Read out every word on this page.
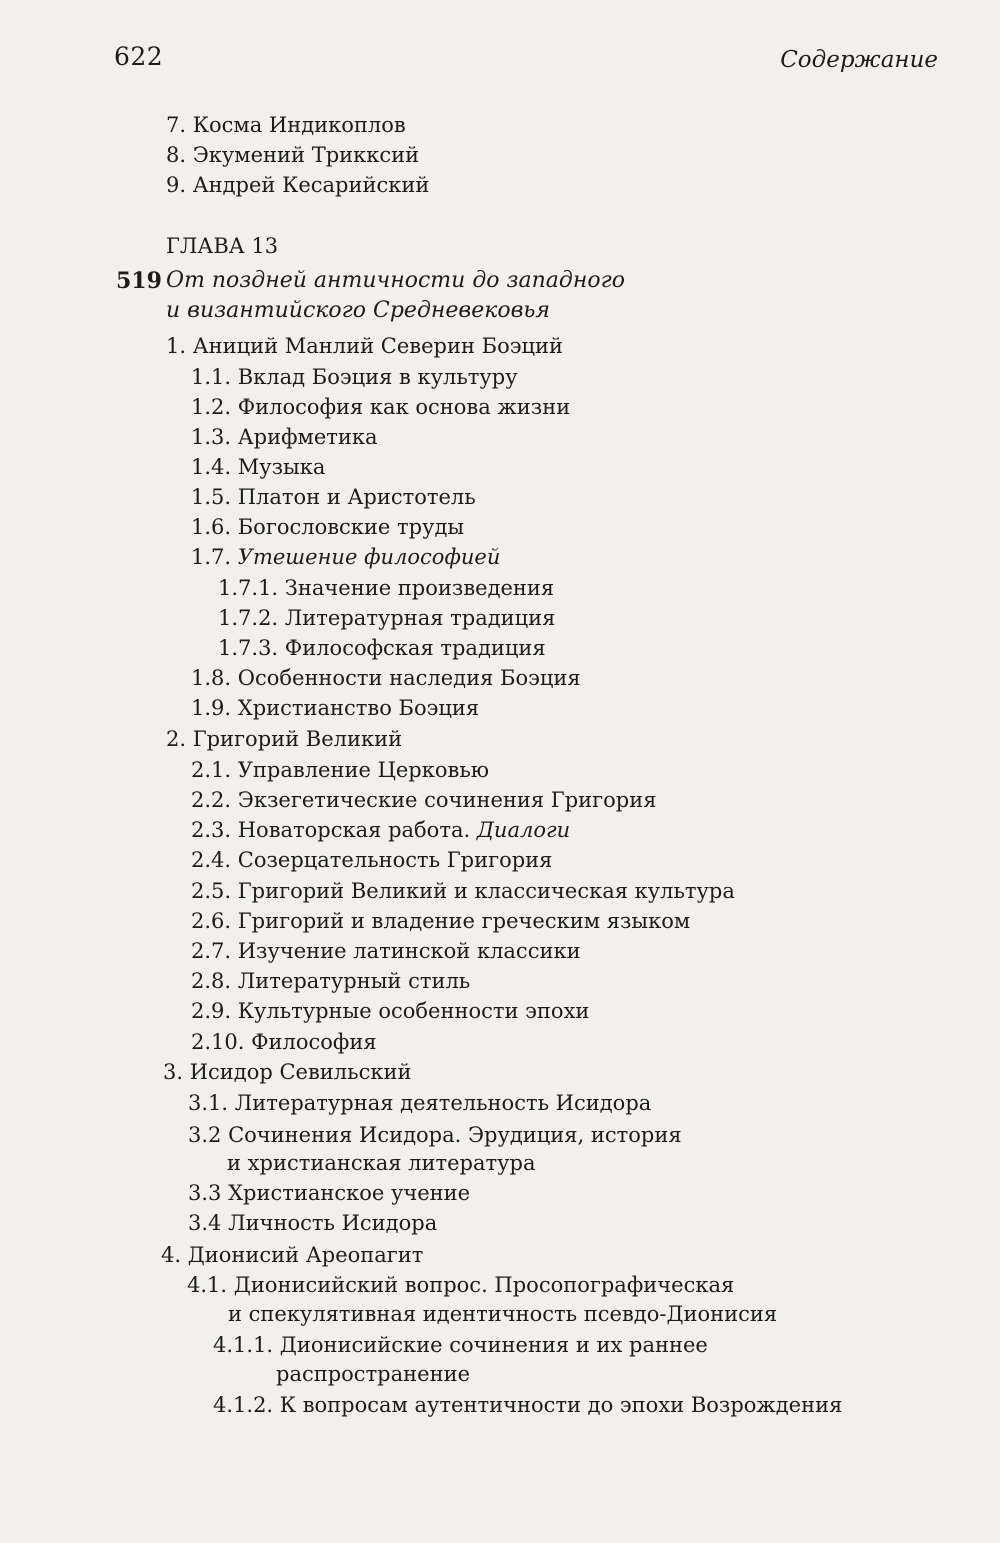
622	Содержание
7. Косма Индикоплов
8. Экумений Трикксий
9. Андрей Кесарийский
ГЛАВА 13
519 От поздней античности до западного
и византийского Средневековья
1. Аниций Манлий Северин Боэций
1.1. Вклад Боэция в культуру
1.2. Философия как основа жизни
1.3. Арифметика
1.4. Музыка
1.5. Платон и Аристотель
1.6. Богословские труды
1.7. Утешение философией
1.7.1. Значение произведения
1.7.2. Литературная традиция
1.7.3. Философская традиция
1.8. Особенности наследия Боэция
1.9. Христианство Боэция
2. Григорий Великий
2.1. Управление Церковью
2.2. Экзегетические сочинения Григория
2.3. Новаторская работа. Диалоги
2.4. Созерцательность Григория
2.5. Григорий Великий и классическая культура
2.6. Григорий и владение греческим языком
2.7. Изучение латинской классики
2.8. Литературный стиль
2.9. Культурные особенности эпохи
2.10. Философия
3. Исидор Севильский
3.1. Литературная деятельность Исидора
3.2 Сочинения Исидора. Эрудиция, история
и христианская литература
3.3 Христианское учение
3.4 Личность Исидора
4. Дионисий Ареопагит
4.1. Дионисийский вопрос. Просопографическая
и спекулятивная идентичность псевдо-Дионисия
4.1.1. Дионисийские сочинения и их раннее
распространение
4.1.2. К вопросам аутентичности до эпохи Возрождения
